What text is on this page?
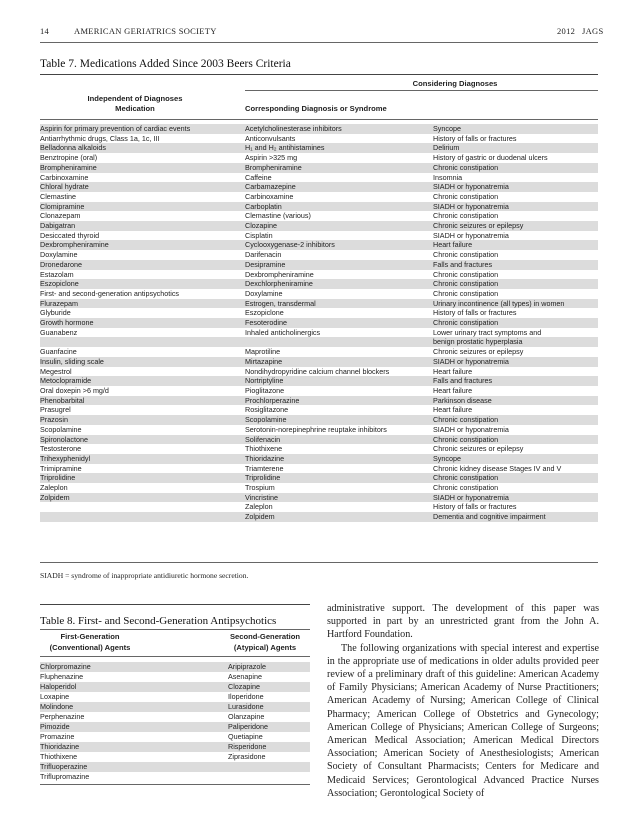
14	AMERICAN GERIATRICS SOCIETY	2012 JAGS
Table 7. Medications Added Since 2003 Beers Criteria
Considering Diagnoses
Independent of Diagnoses
Medication	Corresponding Diagnosis or Syndrome
Aspirin for primary prevention of cardiac events	Acetylcholinesterase inhibitors	Syncope
Antiarrhythmic drugs, Class 1a, 1c, III	Anticonvulsants	History of falls or fractures
Belladonna alkaloids	H₁ and H₂ antihistamines	Delirium
Benztropine (oral)	Aspirin >325 mg	History of gastric or duodenal ulcers
Brompheniramine	Brompheniramine	Chronic constipation
Carbinoxamine	Caffeine	Insomnia
Chloral hydrate	Carbamazepine	SIADH or hyponatremia
Clemastine	Carbinoxamine	Chronic constipation
Clomipramine	Carboplatin	SIADH or hyponatremia
Clonazepam	Clemastine (various)	Chronic constipation
Dabigatran	Clozapine	Chronic seizures or epilepsy
Desiccated thyroid	Cisplatin	SIADH or hyponatremia
Dexbrompheniramine	Cyclooxygenase-2 inhibitors	Heart failure
Doxylamine	Darifenacin	Chronic constipation
Dronedarone	Desipramine	Falls and fractures
Estazolam	Dexbrompheniramine	Chronic constipation
Eszopiclone	Dexchlorpheniramine	Chronic constipation
First- and second-generation antipsychotics	Doxylamine	Chronic constipation
Flurazepam	Estrogen, transdermal	Urinary incontinence (all types) in women
Glyburide	Eszopiclone	History of falls or fractures
Growth hormone	Fesoterodine	Chronic constipation
Guanabenz	Inhaled anticholinergics	Lower urinary tract symptoms and
		benign prostatic hyperplasia
Guanfacine	Maprotiline	Chronic seizures or epilepsy
Insulin, sliding scale	Mirtazapine	SIADH or hyponatremia
Megestrol	Nondihydropyridine calcium channel blockers	Heart failure
Metoclopramide	Nortriptyline	Falls and fractures
Oral doxepin >6 mg/d	Pioglitazone	Heart failure
Phenobarbital	Prochlorperazine	Parkinson disease
Prasugrel	Rosiglitazone	Heart failure
Prazosin	Scopolamine	Chronic constipation
Scopolamine	Serotonin-norepinephrine reuptake inhibitors	SIADH or hyponatremia
Spironolactone	Solifenacin	Chronic constipation
Testosterone	Thiothixene	Chronic seizures or epilepsy
Trihexyphenidyl	Thioridazine	Syncope
Trimipramine	Triamterene	Chronic kidney disease Stages IV and V
Triprolidine	Triprolidine	Chronic constipation
Zaleplon	Trospium	Chronic constipation
Zolpidem	Vincristine	SIADH or hyponatremia
	Zaleplon	History of falls or fractures
	Zolpidem	Dementia and cognitive impairment
SIADH = syndrome of inappropriate antidiuretic hormone secretion.
Table 8. First- and Second-Generation Antipsychotics
First-Generation
(Conventional) Agents
Second-Generation
(Atypical) Agents
Chlorpromazine	Aripiprazole
Fluphenazine	Asenapine
Haloperidol	Clozapine
Loxapine	Iloperidone
Molindone	Lurasidone
Perphenazine	Olanzapine
Pimozide	Paliperidone
Promazine	Quetiapine
Thioridazine	Risperidone
Thiothixene	Ziprasidone
Trifluoperazine	
Triflupromazine	

administrative support. The development of this paper was supported in part by an unrestricted grant from the John A. Hartford Foundation.

The following organizations with special interest and expertise in the appropriate use of medications in older adults provided peer review of a preliminary draft of this guideline: American Academy of Family Physicians; American Academy of Nurse Practitioners; American Academy of Nursing; American College of Clinical Pharmacy; American College of Obstetrics and Gynecology; American College of Physicians; American College of Surgeons; American Medical Association; American Medical Directors Association; American Society of Anesthesiologists; American Society of Consultant Pharmacists; Centers for Medicare and Medicaid Services; Gerontological Advanced Practice Nurses Association; Gerontological Society of
